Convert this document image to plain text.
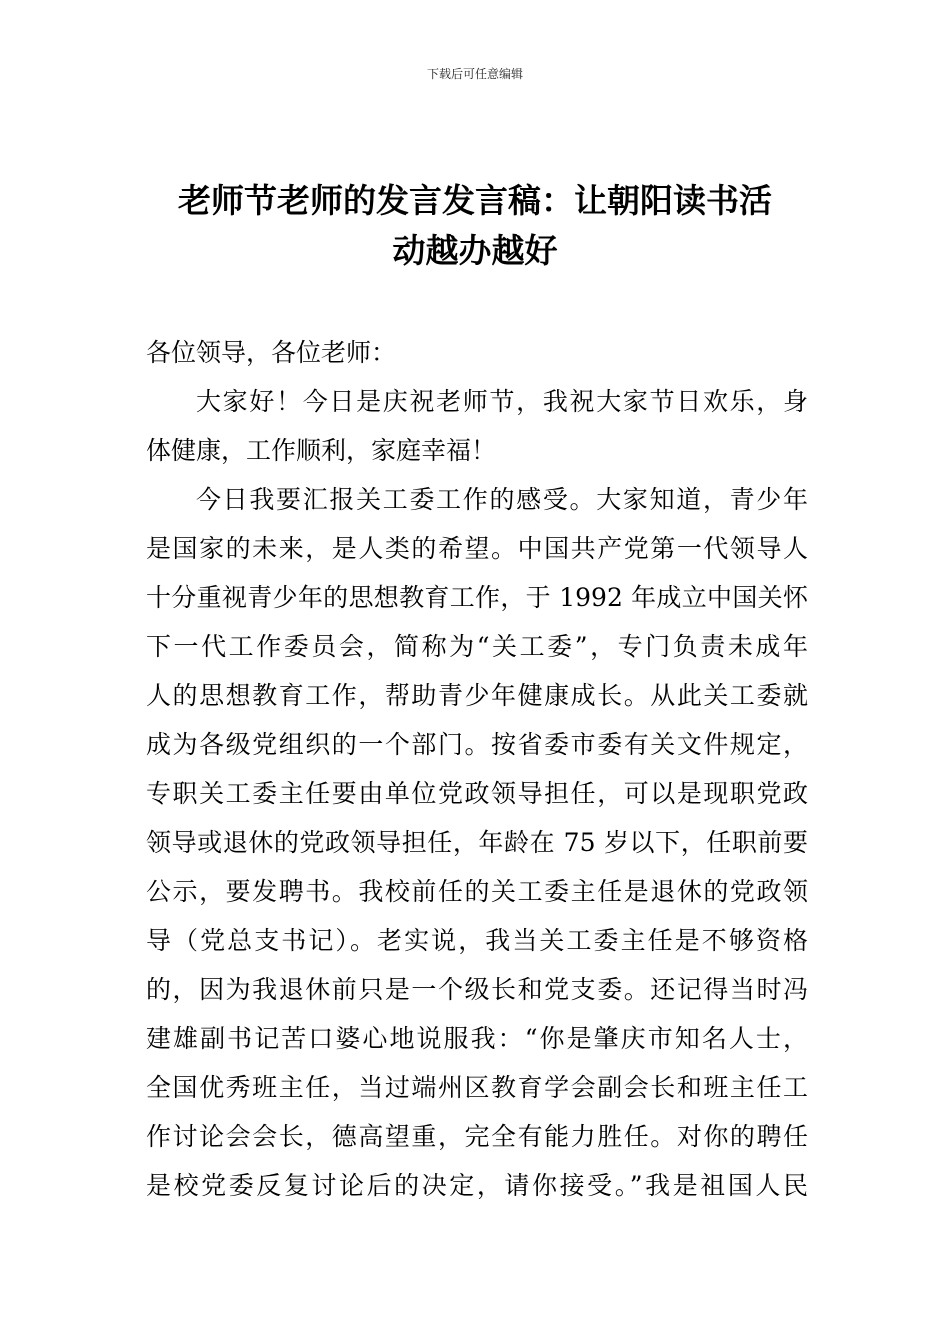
下载后可任意编辑
老师节老师的发言发言稿：让朝阳读书活
动越办越好

各位领导，各位老师：

大家好！今日是庆祝老师节，我祝大家节日欢乐，身
体健康，工作顺利，家庭幸福！

今日我要汇报关工委工作的感受。大家知道，青少年
是国家的未来，是人类的希望。中国共产党第一代领导人
十分重视青少年的思想教育工作，于 1992 年成立中国关怀
下一代工作委员会，简称为“关工委”，专门负责未成年
人的思想教育工作，帮助青少年健康成长。从此关工委就
成为各级党组织的一个部门。按省委市委有关文件规定，
专职关工委主任要由单位党政领导担任，可以是现职党政
领导或退休的党政领导担任，年龄在 75 岁以下，任职前要
公示，要发聘书。我校前任的关工委主任是退休的党政领
导（党总支书记）。老实说，我当关工委主任是不够资格
的，因为我退休前只是一个级长和党支委。还记得当时冯
建雄副书记苦口婆心地说服我：“你是肇庆市知名人士，
全国优秀班主任，当过端州区教育学会副会长和班主任工
作讨论会会长，德高望重，完全有能力胜任。对你的聘任
是校党委反复讨论后的决定，请你接受。”我是祖国人民
